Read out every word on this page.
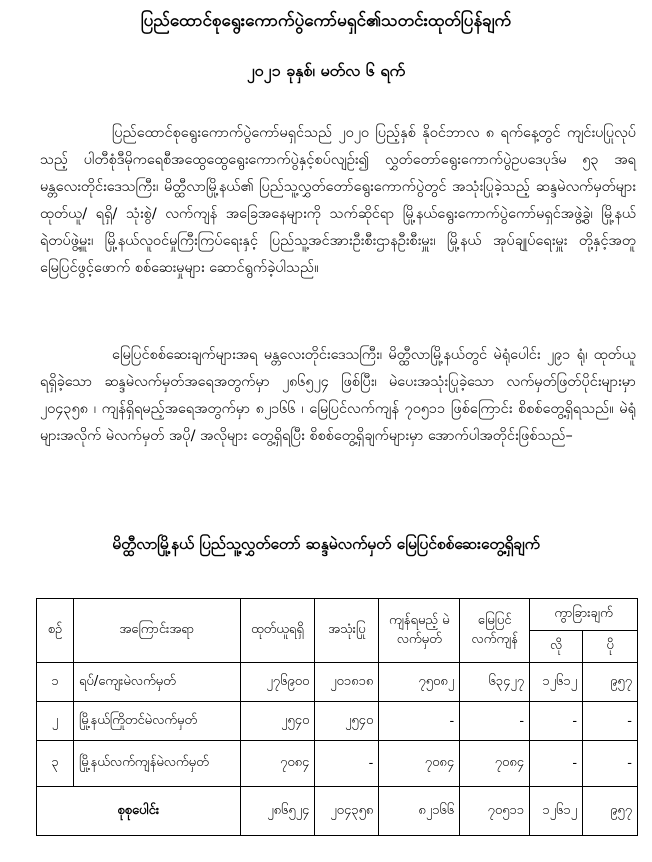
ပြည်ထောင်စုရွေးကောက်ပွဲကော်မရှင်၏သတင်းထုတ်ပြန်ချက်
၂၀၂၁ ခုနှစ်၊ မတ်လ ၆ ရက်

ပြည်ထောင်စုရွေးကောက်ပွဲကော်မရှင်သည် ၂၀၂၀ ပြည့်နှစ် နိုဝင်ဘာလ ၈ ရက်နေ့တွင် ကျင်းပပြုလုပ်သည့် ပါတီစုံဒီမိုကရေစီအထွေထွေရွေးကောက်ပွဲနှင့်စပ်လျဉ်း၍ လွှတ်တော်ရွေးကောက်ပွဲဥပဒေပုဒ်မ ၅၃ အရ မန္တလေးတိုင်းဒေသကြီး၊ မိတ္ထီလာမြို့နယ်၏ ပြည်သူ့လွှတ်တော်ရွေးကောက်ပွဲတွင် အသုံးပြုခဲ့သည့် ဆန္ဒမဲလက်မှတ်များ ထုတ်ယူ/ ရရှိ/ သုံးစွဲ/ လက်ကျန် အခြေအနေများကို သက်ဆိုင်ရာ မြို့နယ်ရွေးကောက်ပွဲကော်မရှင်အဖွဲ့ခွဲ၊ မြို့နယ် ရဲတပ်ဖွဲ့မှူး၊ မြို့နယ်လူဝင်မှုကြီးကြပ်ရေးနှင့် ပြည်သူ့အင်အားဦးစီးဌာနဦးစီးမှူး၊ မြို့နယ် အုပ်ချုပ်ရေးမှူး တို့နှင့်အတူ မြေပြင်ဖွင့်ဖောက် စစ်ဆေးမှုများ ဆောင်ရွက်ခဲ့ပါသည်။

မြေပြင်စစ်ဆေးချက်များအရ မန္တလေးတိုင်းဒေသကြီး၊ မိတ္ထီလာမြို့နယ်တွင် မဲရုံပေါင်း ၂၉၁ ရုံ၊ ထုတ်ယူရရှိခဲ့သော ဆန္ဒမဲလက်မှတ်အရေအတွက်မှာ ၂၈၆၅၂၄ ဖြစ်ပြီး၊ မဲပေးအသုံးပြုခဲ့သော လက်မှတ်ဖြတ်ပိုင်းများမှာ ၂၀၄၃၅၈ ၊ ကျန်ရှိရမည့်အရေအတွက်မှာ ၈၂၁၆၆ ၊ မြေပြင်လက်ကျန် ၇၀၅၁၁ ဖြစ်ကြောင်း စိစစ်တွေ့ရှိရသည်။ မဲရုံများအလိုက် မဲလက်မှတ် အပို/ အလိုများ တွေ့ရှိရပြီး စိစစ်တွေ့ရှိချက်များမှာ အောက်ပါအတိုင်းဖြစ်သည်–

မိတ္ထီလာမြို့နယ် ပြည်သူ့လွှတ်တော် ဆန္ဒမဲလက်မှတ် မြေပြင်စစ်ဆေးတွေ့ရှိချက်
စဉ်	အကြောင်းအရာ	ထုတ်ယူရရှိ	အသုံးပြု	ကျန်ရမည့် မဲလက်မှတ်	မြေပြင် လက်ကျန်	ကွာခြားချက်	
						လို	ပို
၁	ရပ်/ကျေးမဲလက်မှတ်	၂၇၆၉၀၀	၂၀၁၈၁၈	၇၅၀၈၂	၆၃၄၂၇	၁၂၆၁၂	၉၅၇
၂	မြို့နယ်ကြိုတင်မဲလက်မှတ်	၂၅၄၀	၂၅၄၀	-	-	-	-
၃	မြို့နယ်လက်ကျန်မဲလက်မှတ်	၇၀၈၄	-	၇၀၈၄	၇၀၈၄	-	-
စုစုပေါင်း		၂၈၆၅၂၄	၂၀၄၃၅၈	၈၂၁၆၆	၇၀၅၁၁	၁၂၆၁၂	၉၅၇
